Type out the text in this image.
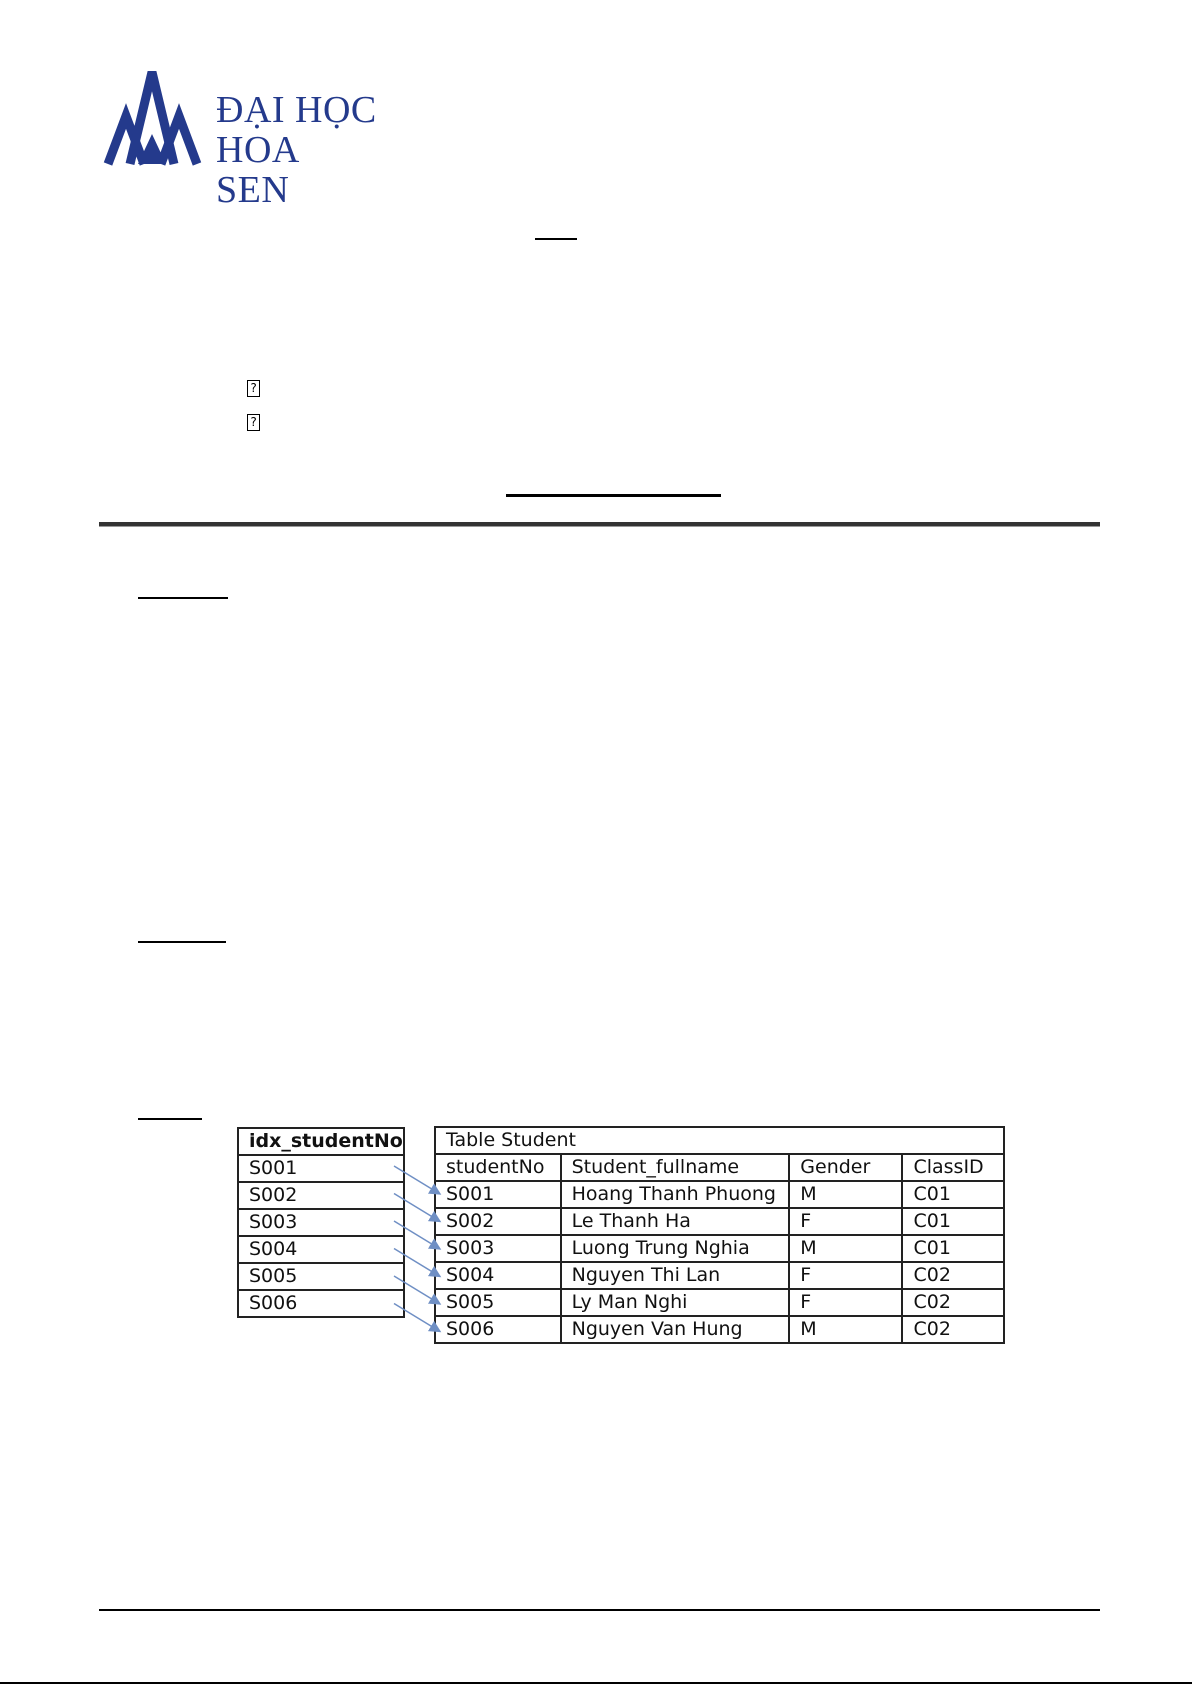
ĐẠI HỌC
HOA SEN
?
?
idx_studentNo
S001
S002
S003
S004
S005
S006
Table Student			
studentNo	Student_fullname	Gender	ClassID
S001	Hoang Thanh Phuong	M	C01
S002	Le Thanh Ha	F	C01
S003	Luong Trung Nghia	M	C01
S004	Nguyen Thi Lan	F	C02
S005	Ly Man Nghi	F	C02
S006	Nguyen Van Hung	M	C02
